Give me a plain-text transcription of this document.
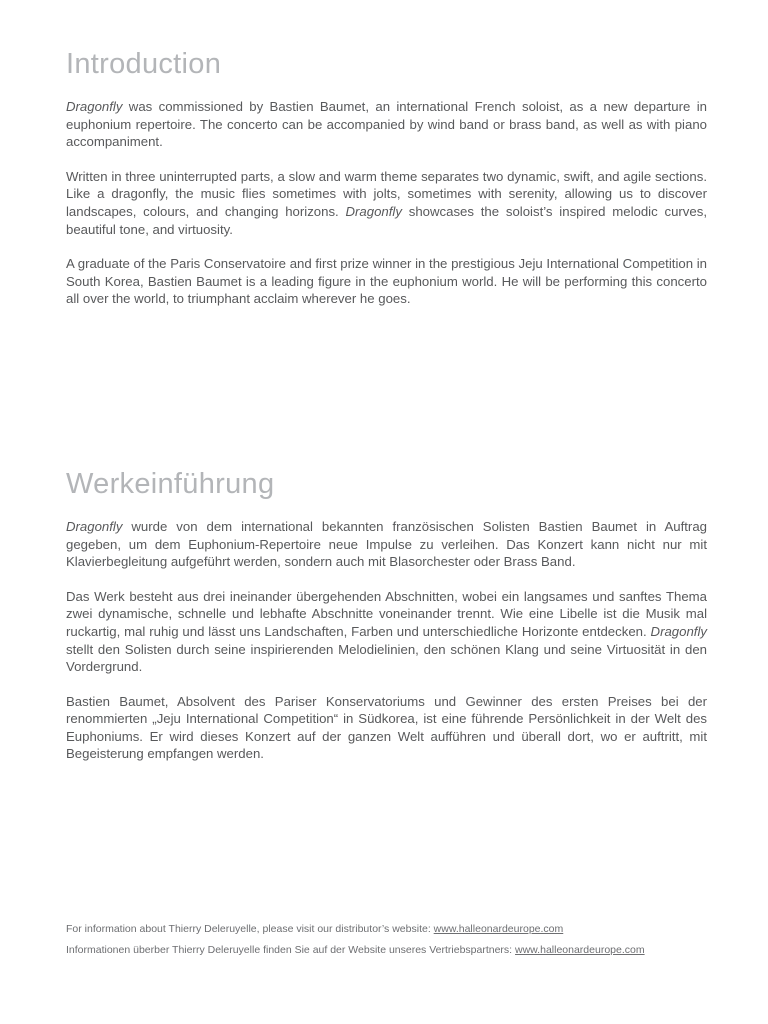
Introduction

Dragonfly was commissioned by Bastien Baumet, an international French soloist, as a new departure in euphonium repertoire. The concerto can be accompanied by wind band or brass band, as well as with piano accompaniment.

Written in three uninterrupted parts, a slow and warm theme separates two dynamic, swift, and agile sections. Like a dragonfly, the music flies sometimes with jolts, sometimes with serenity, allowing us to discover landscapes, colours, and changing horizons. Dragonfly showcases the soloist’s inspired melodic curves, beautiful tone, and virtuosity.

A graduate of the Paris Conservatoire and first prize winner in the prestigious Jeju International Competition in South Korea, Bastien Baumet is a leading figure in the euphonium world. He will be performing this concerto all over the world, to triumphant acclaim wherever he goes.

Werkeinführung

Dragonfly wurde von dem international bekannten französischen Solisten Bastien Baumet in Auftrag gegeben, um dem Euphonium-Repertoire neue Impulse zu verleihen. Das Konzert kann nicht nur mit Klavierbegleitung aufgeführt werden, sondern auch mit Blasorchester oder Brass Band.

Das Werk besteht aus drei ineinander übergehenden Abschnitten, wobei ein langsames und sanftes Thema zwei dynamische, schnelle und lebhafte Abschnitte voneinander trennt. Wie eine Libelle ist die Musik mal ruckartig, mal ruhig und lässt uns Landschaften, Farben und unterschiedliche Horizonte entdecken. Dragonfly stellt den Solisten durch seine inspirierenden Melodielinien, den schönen Klang und seine Virtuosität in den Vordergrund.

Bastien Baumet, Absolvent des Pariser Konservatoriums und Gewinner des ersten Preises bei der renommierten „Jeju International Competition“ in Südkorea, ist eine führende Persönlichkeit in der Welt des Euphoniums. Er wird dieses Konzert auf der ganzen Welt aufführen und überall dort, wo er auftritt, mit Begeisterung empfangen werden.

For information about Thierry Deleruyelle, please visit our distributor’s website: www.halleonardeurope.com

Informationen überber Thierry Deleruyelle finden Sie auf der Website unseres Vertriebspartners: www.halleonardeurope.com
